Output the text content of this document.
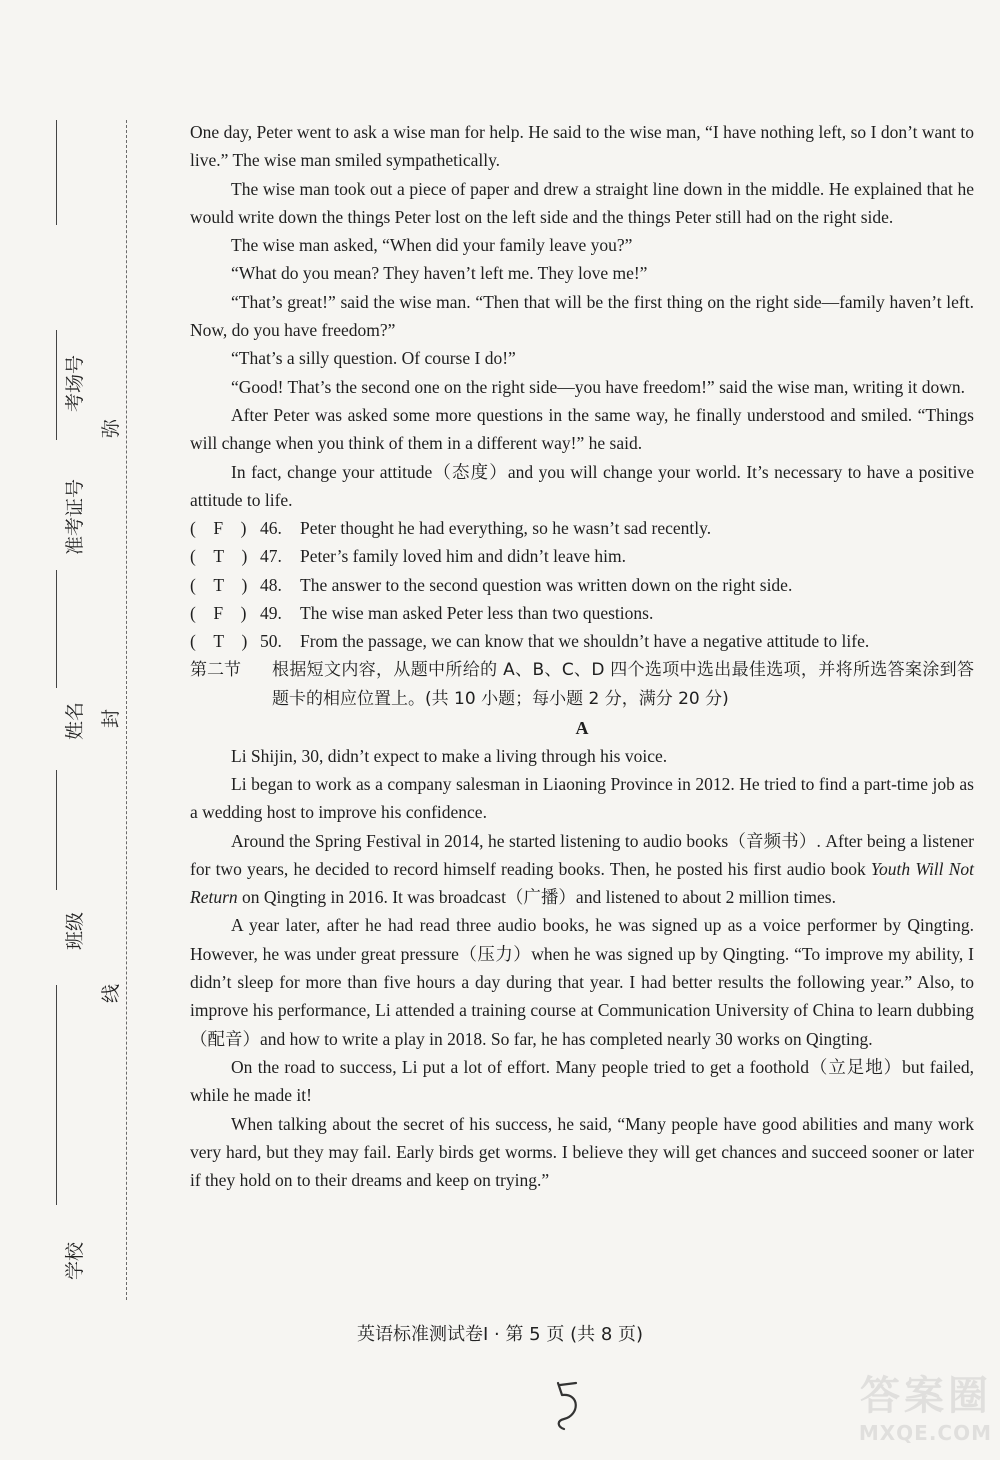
考场号
准考证号
姓名
班级
学校
弥
封
线

One day, Peter went to ask a wise man for help. He said to the wise man, “I have nothing left, so I don’t want to live.” The wise man smiled sympathetically.

The wise man took out a piece of paper and drew a straight line down in the middle. He explained that he would write down the things Peter lost on the left side and the things Peter still had on the right side.

The wise man asked, “When did your family leave you?”

“What do you mean? They haven’t left me. They love me!”

“That’s great!” said the wise man. “Then that will be the first thing on the right side—family haven’t left. Now, do you have freedom?”

“That’s a silly question. Of course I do!”

“Good! That’s the second one on the right side—you have freedom!” said the wise man, writing it down.

After Peter was asked some more questions in the same way, he finally understood and smiled. “Things will change when you think of them in a different way!” he said.

In fact, change your attitude（态度）and you will change your world. It’s necessary to have a positive attitude to life.

(  F  ) 46.	Peter thought he had everything, so he wasn’t sad recently.
(  T  ) 47.	Peter’s family loved him and didn’t leave him.
(  T  ) 48.	The answer to the second question was written down on the right side.
(  F  ) 49.	The wise man asked Peter less than two questions.
(  T  ) 50.	From the passage, we can know that we shouldn’t have a negative attitude to life.
第二节	根据短文内容，从题中所给的 A、B、C、D 四个选项中选出最佳选项，并将所选答案涂到答题卡的相应位置上。(共 10 小题；每小题 2 分，满分 20 分)
A

Li Shijin, 30, didn’t expect to make a living through his voice.

Li began to work as a company salesman in Liaoning Province in 2012. He tried to find a part-time job as a wedding host to improve his confidence.

Around the Spring Festival in 2014, he started listening to audio books（音频书）. After being a listener for two years, he decided to record himself reading books. Then, he posted his first audio book Youth Will Not Return on Qingting in 2016. It was broadcast（广播）and listened to about 2 million times.

A year later, after he had read three audio books, he was signed up as a voice performer by Qingting. However, he was under great pressure（压力）when he was signed up by Qingting. “To improve my ability, I didn’t sleep for more than five hours a day during that year. I had better results the following year.” Also, to improve his performance, Li attended a training course at Communication University of China to learn dubbing（配音）and how to write a play in 2018. So far, he has completed nearly 30 works on Qingting.

On the road to success, Li put a lot of effort. Many people tried to get a foothold（立足地）but failed, while he made it!

When talking about the secret of his success, he said, “Many people have good abilities and many work very hard, but they may fail. Early birds get worms. I believe they will get chances and succeed sooner or later if they hold on to their dreams and keep on trying.”

英语标准测试卷Ⅰ · 第 5 页 (共 8 页)
答案圈
MXQE.COM
